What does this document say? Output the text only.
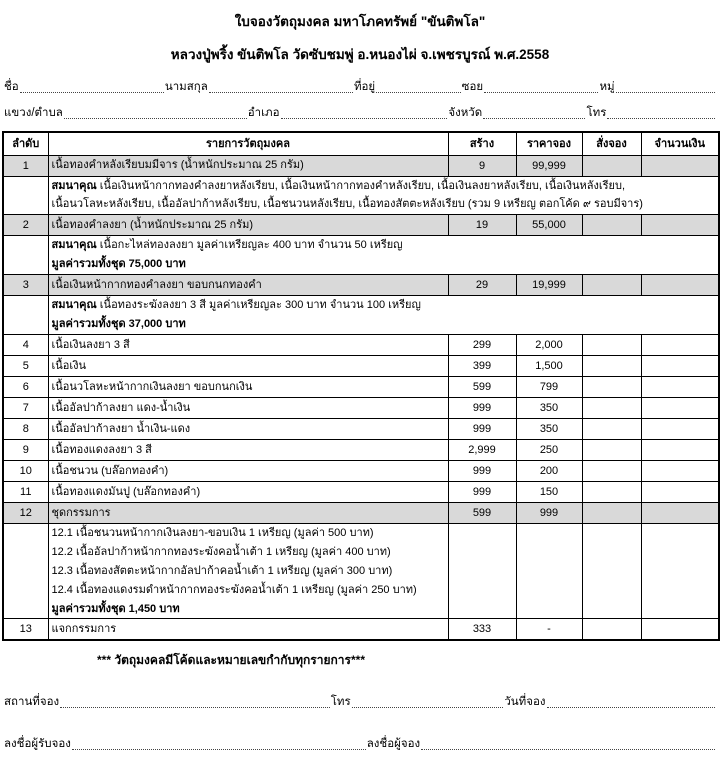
ใบจองวัตถุมงคล มหาโภคทรัพย์ "ขันติพโล"
หลวงปู่พริ้ง ขันติพโล วัดซับชมพู่ อ.หนองไผ่ จ.เพชรบูรณ์ พ.ศ.2558
ชื่อ	นามสกุล	ที่อยู่	ซอย	หมู่
แขวง/ตำบล	อำเภอ	จังหวัด	โทร
ลำดับ	รายการวัตถุมงคล	สร้าง	ราคาจอง	สั่งจอง	จำนวนเงิน
1	เนื้อทองคำหลังเรียบมมีจาร (น้ำหนักประมาณ 25 กรัม)	9	99,999		

	สมนาคุณ เนื้อเงินหน้ากากทองคำลงยาหลังเรียบ, เนื้อเงินหน้ากากทองคำหลังเรียบ, เนื้อเงินลงยาหลังเรียบ, เนื้อเงินหลังเรียบ,
เนื้อนวโลหะหลังเรียบ, เนื้ออัลปาก้าหลังเรียบ, เนื้อชนวนหลังเรียบ, เนื้อทองสัตตะหลังเรียบ (รวม 9 เหรียญ ตอกโค้ด ๙ รอบมีจาร)				

2	เนื้อทองคำลงยา (น้ำหนักประมาณ 25 กรัม)	19	55,000		

	สมนาคุณ เนื้อกะไหล่ทองลงยา มูลค่าเหรียญละ 400 บาท จำนวน 50 เหรียญ
มูลค่ารวมทั้งชุด 75,000 บาท				

3	เนื้อเงินหน้ากากทองคำลงยา ขอบกนกทองคำ	29	19,999		

	สมนาคุณ เนื้อทองระฆังลงยา 3 สี มูลค่าเหรียญละ 300 บาท จำนวน 100 เหรียญ
มูลค่ารวมทั้งชุด 37,000 บาท				

4	เนื้อเงินลงยา 3 สี	299	2,000		
5	เนื้อเงิน	399	1,500		
6	เนื้อนวโลหะหน้ากากเงินลงยา ขอบกนกเงิน	599	799		
7	เนื้ออัลปาก้าลงยา แดง-น้ำเงิน	999	350		
8	เนื้ออัลปาก้าลงยา น้ำเงิน-แดง	999	350		
9	เนื้อทองแดงลงยา 3 สี	2,999	250		
10	เนื้อชนวน (บล๊อกทองคำ)	999	200		
11	เนื้อทองแดงมันปู (บล๊อกทองคำ)	999	150		
12	ชุดกรรมการ	599	999		

	12.1 เนื้อชนวนหน้ากากเงินลงยา-ขอบเงิน 1 เหรียญ (มูลค่า 500 บาท)
12.2 เนื้ออัลปาก้าหน้ากากทองระฆังคอน้ำเต้า 1 เหรียญ (มูลค่า 400 บาท)
12.3 เนื้อทองสัตตะหน้ากากอัลปาก้าคอน้ำเต้า 1 เหรียญ (มูลค่า 300 บาท)
12.4 เนื้อทองแดงรมดำหน้ากากทองระฆังคอน้ำเต้า 1 เหรียญ (มูลค่า 250 บาท)
มูลค่ารวมทั้งชุด 1,450 บาท				

13	แจกกรรมการ	333	-		
*** วัตถุมงคลมีโค้ดและหมายเลขกำกับทุกรายการ***
สถานที่จอง	โทร	วันที่จอง
ลงชื่อผู้รับจอง	ลงชื่อผู้จอง
